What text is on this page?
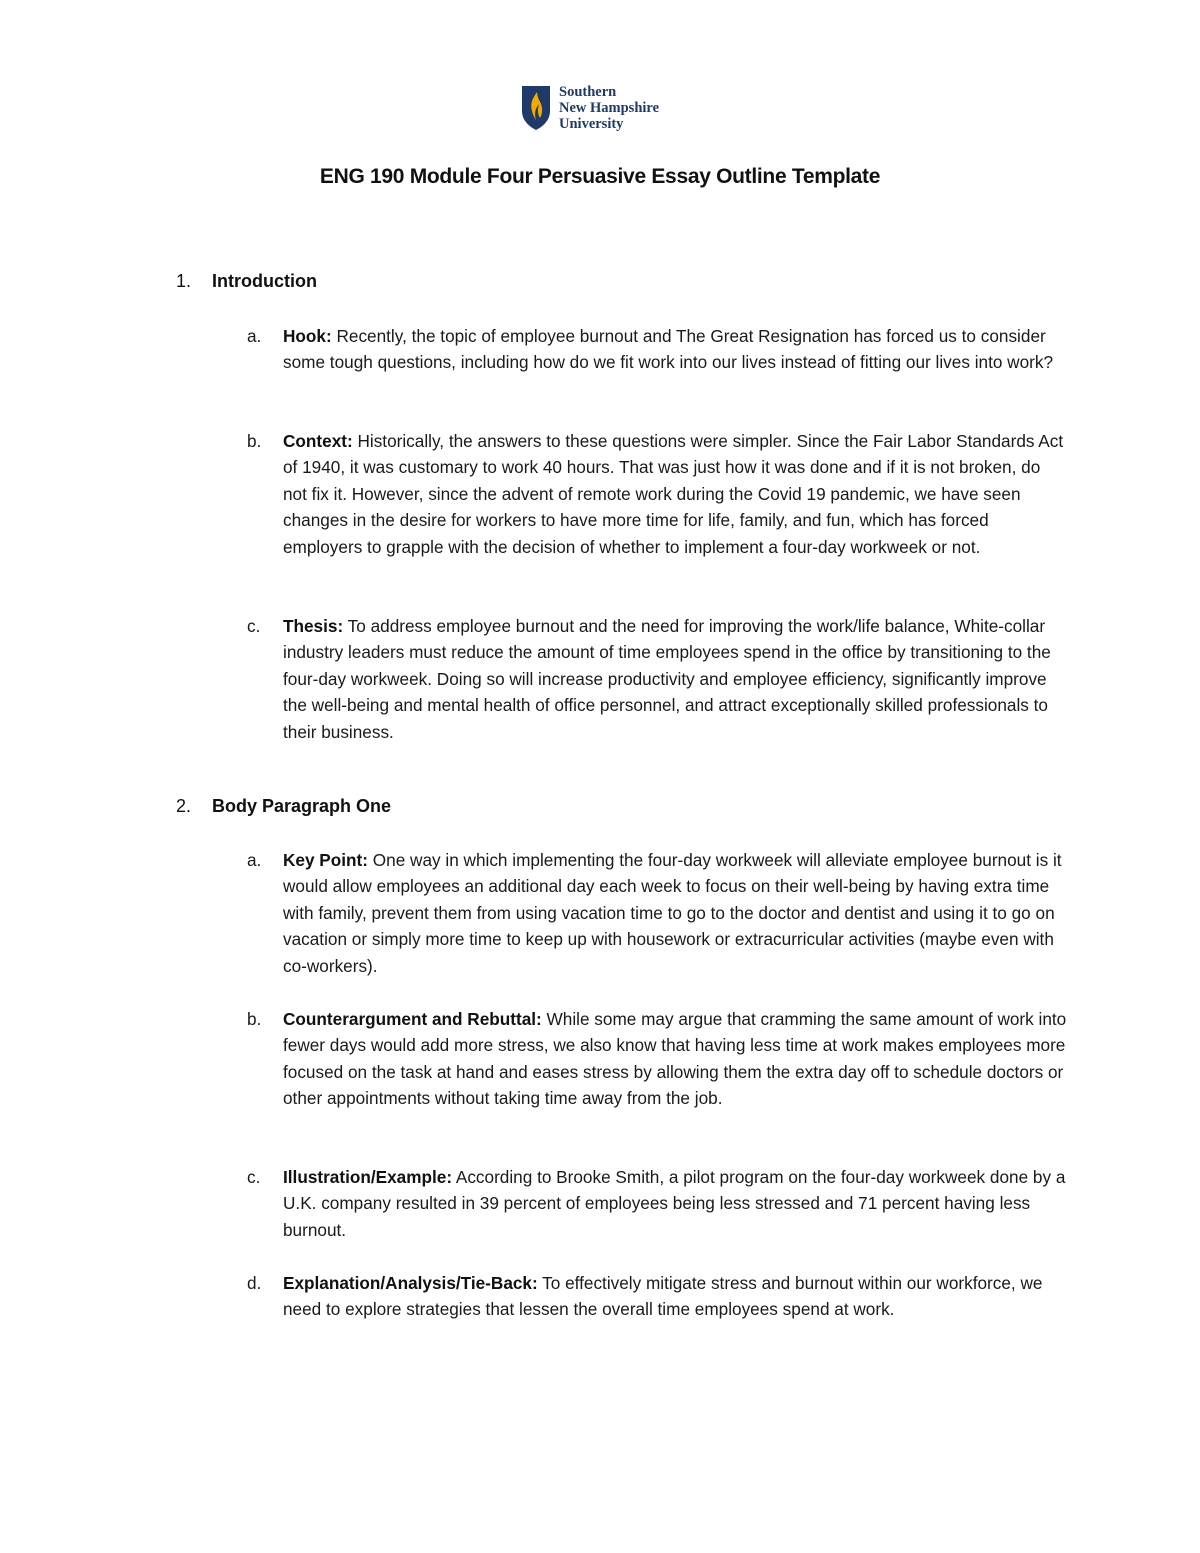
Southern
New Hampshire
University
ENG 190 Module Four Persuasive Essay Outline Template
1. Introduction
a.	Hook: Recently, the topic of employee burnout and The Great Resignation has forced us to consider some tough questions, including how do we fit work into our lives instead of fitting our lives into work?
b.	Context: Historically, the answers to these questions were simpler. Since the Fair Labor Standards Act of 1940, it was customary to work 40 hours. That was just how it was done and if it is not broken, do not fix it. However, since the advent of remote work during the Covid 19 pandemic, we have seen changes in the desire for workers to have more time for life, family, and fun, which has forced employers to grapple with the decision of whether to implement a four-day workweek or not.
c.	Thesis: To address employee burnout and the need for improving the work/life balance, White-collar industry leaders must reduce the amount of time employees spend in the office by transitioning to the four-day workweek. Doing so will increase productivity and employee efficiency, significantly improve the well-being and mental health of office personnel, and attract exceptionally skilled professionals to their business.
2. Body Paragraph One
a.	Key Point: One way in which implementing the four-day workweek will alleviate employee burnout is it would allow employees an additional day each week to focus on their well-being by having extra time with family, prevent them from using vacation time to go to the doctor and dentist and using it to go on vacation or simply more time to keep up with housework or extracurricular activities (maybe even with co-workers).
b.	Counterargument and Rebuttal: While some may argue that cramming the same amount of work into fewer days would add more stress, we also know that having less time at work makes employees more focused on the task at hand and eases stress by allowing them the extra day off to schedule doctors or other appointments without taking time away from the job.
c.	Illustration/Example: According to Brooke Smith, a pilot program on the four-day workweek done by a U.K. company resulted in 39 percent of employees being less stressed and 71 percent having less burnout.
d.	Explanation/Analysis/Tie-Back: To effectively mitigate stress and burnout within our workforce, we need to explore strategies that lessen the overall time employees spend at work.
